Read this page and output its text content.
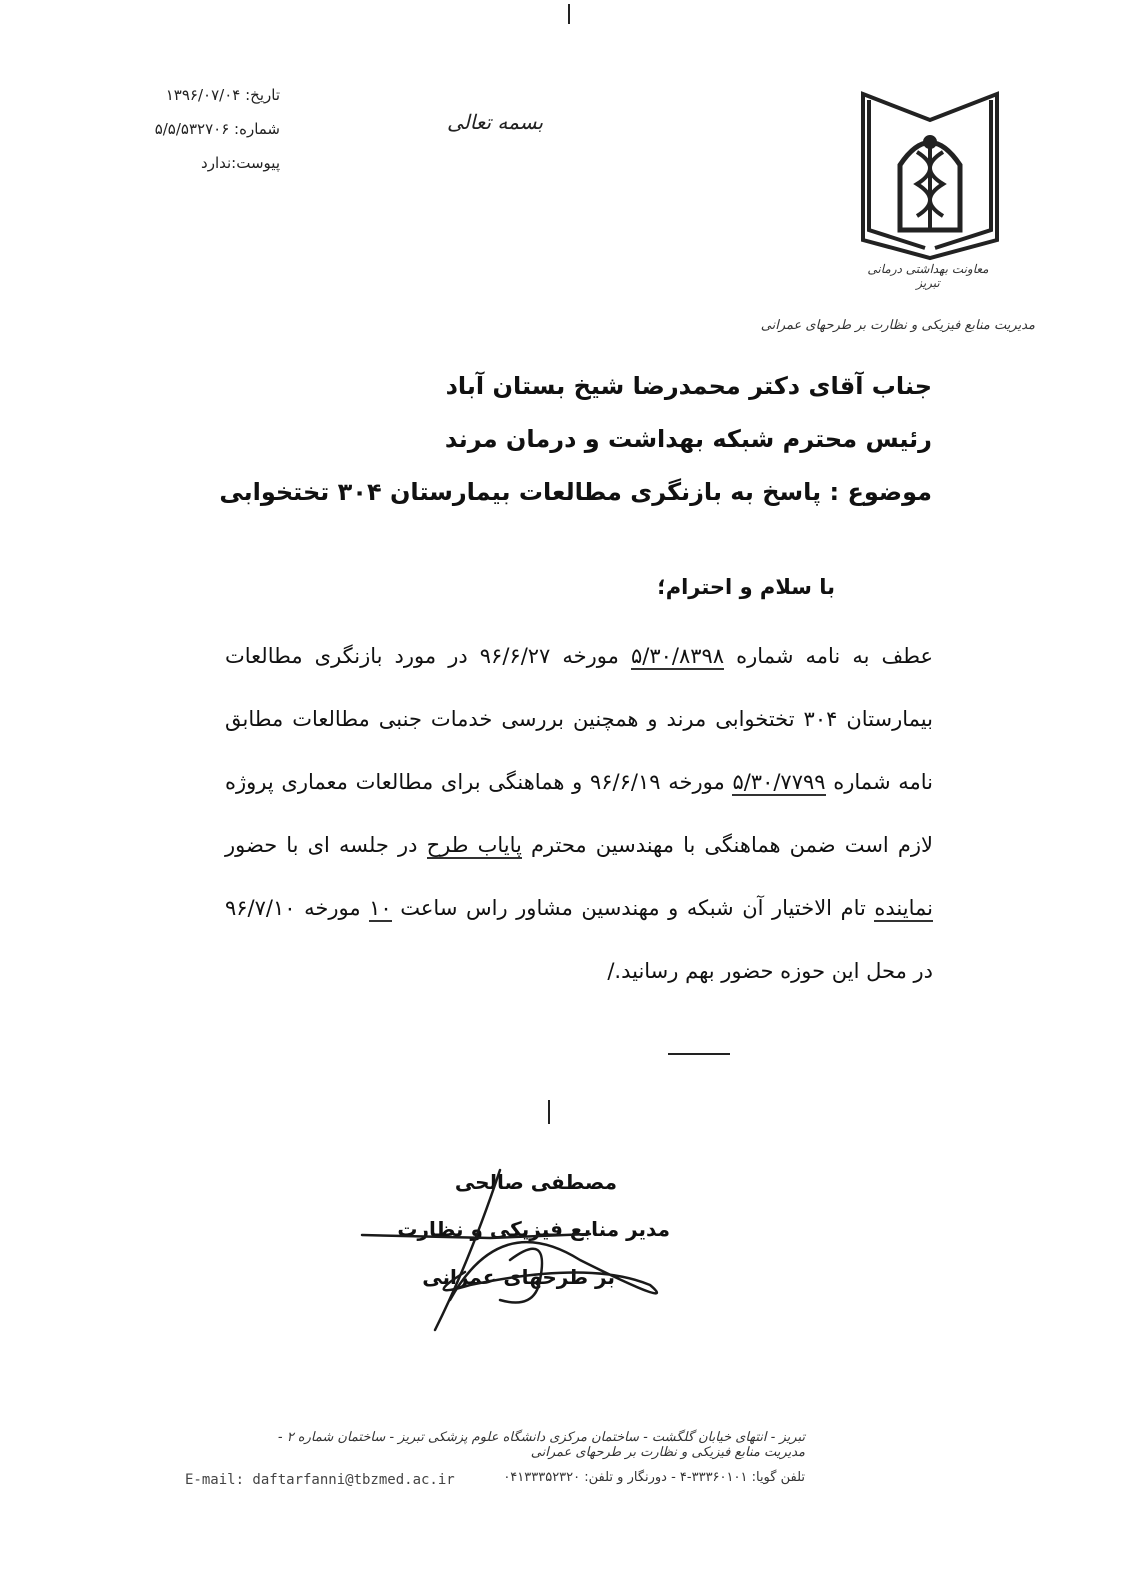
تاریخ: ۱۳۹۶/۰۷/۰۴
شماره: ۵/۵/۵۳۲۷۰۶
پیوست:ندارد
بسمه تعالی
معاونت بهداشتی درمانی تبریز
مدیریت منابع فیزیکی و نظارت بر طرحهای عمرانی
جناب آقای دکتر محمدرضا شیخ بستان آباد
رئیس محترم شبکه بهداشت و درمان مرند
موضوع : پاسخ به بازنگری مطالعات بیمارستان ۳۰۴ تختخوابی
با سلام و احترام؛
عطف به نامه شماره ۵/۳۰/۸۳۹۸ مورخه ۹۶/۶/۲۷ در مورد بازنگری مطالعات بیمارستان ۳۰۴ تختخوابی مرند و همچنین بررسی خدمات جنبی مطالعات مطابق نامه شماره ۵/۳۰/۷۷۹۹ مورخه ۹۶/۶/۱۹ و هماهنگی برای مطالعات معماری پروژه لازم است ضمن هماهنگی با مهندسین محترم پایاب طرح در جلسه ای با حضور نماینده تام الاختیار آن شبکه و مهندسین مشاور راس ساعت ۱۰ مورخه ۹۶/۷/۱۰ در محل این حوزه حضور بهم رسانید./
مصطفی صالحی
مدیر منابع فیزیکی و نظارت
بر طرحهای عمرانی
تبریز - انتهای خیابان گلگشت - ساختمان مرکزی دانشگاه علوم پزشکی تبریز - ساختمان شماره ۲ - مدیریت منابع فیزیکی و نظارت بر طرحهای عمرانی
تلفن گویا: ۳۳۳۶۰۱۰۱-۴ - دورنگار و تلفن: ۰۴۱۳۳۳۵۲۳۲۰
E-mail: daftarfanni@tbzmed.ac.ir
